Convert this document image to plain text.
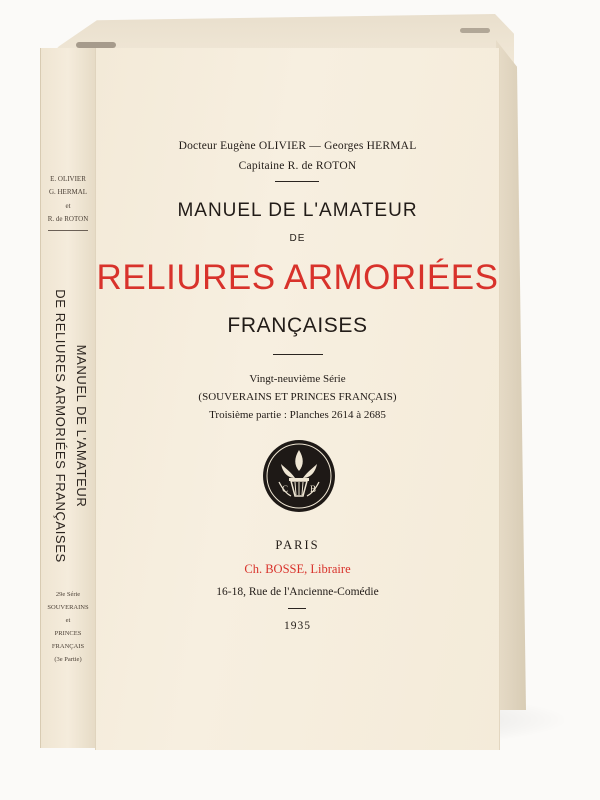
E. OLIVIER
G. HERMAL
et
R. de ROTON
MANUEL DE L'AMATEUR
DE RELIURES ARMORIÉES FRANÇAISES
29e Série
SOUVERAINS
et
PRINCES
FRANÇAIS
(3e Partie)
Docteur Eugène OLIVIER — Georges HERMAL
Capitaine R. de ROTON
MANUEL DE L'AMATEUR
DE
RELIURES ARMORIÉES
FRANÇAISES
Vingt-neuvième Série
(SOUVERAINS ET PRINCES FRANÇAIS)
Troisième partie : Planches 2614 à 2685
C B
PARIS
Ch. BOSSE, Libraire
16-18, Rue de l'Ancienne-Comédie
1935
